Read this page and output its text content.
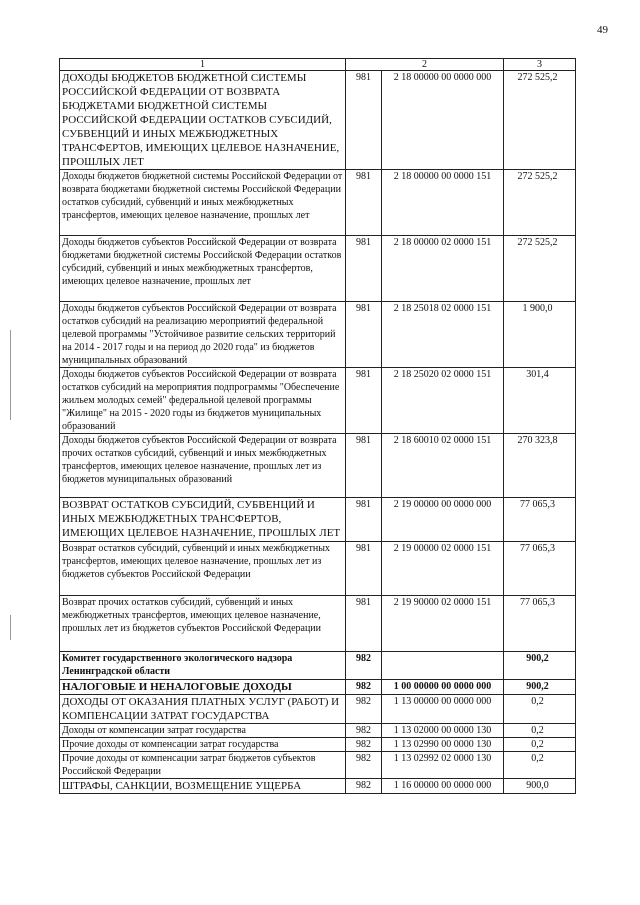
49
1	2		3
ДОХОДЫ БЮДЖЕТОВ БЮДЖЕТНОЙ СИСТЕМЫ РОССИЙСКОЙ ФЕДЕРАЦИИ ОТ ВОЗВРАТА БЮДЖЕТАМИ БЮДЖЕТНОЙ СИСТЕМЫ РОССИЙСКОЙ ФЕДЕРАЦИИ ОСТАТКОВ СУБСИДИЙ, СУБВЕНЦИЙ И ИНЫХ МЕЖБЮДЖЕТНЫХ ТРАНСФЕРТОВ, ИМЕЮЩИХ ЦЕЛЕВОЕ НАЗНАЧЕНИЕ, ПРОШЛЫХ ЛЕТ	981	2 18 00000 00 0000 000	272 525,2
Доходы бюджетов бюджетной системы Российской Федерации от возврата бюджетами бюджетной системы Российской Федерации остатков субсидий, субвенций и иных межбюджетных трансфертов, имеющих целевое назначение, прошлых лет	981	2 18 00000 00 0000 151	272 525,2
Доходы бюджетов субъектов Российской Федерации от возврата бюджетами бюджетной системы Российской Федерации остатков субсидий, субвенций и иных межбюджетных трансфертов, имеющих целевое назначение, прошлых лет	981	2 18 00000 02 0000 151	272 525,2
Доходы бюджетов субъектов Российской Федерации от возврата остатков субсидий на реализацию мероприятий федеральной целевой программы "Устойчивое развитие сельских территорий на 2014 - 2017 годы и на период до 2020 года" из бюджетов муниципальных образований	981	2 18 25018 02 0000 151	1 900,0
Доходы бюджетов субъектов Российской Федерации от возврата остатков субсидий на мероприятия подпрограммы "Обеспечение жильем молодых семей" федеральной целевой программы "Жилище" на 2015 - 2020 годы из бюджетов муниципальных образований	981	2 18 25020 02 0000 151	301,4
Доходы бюджетов субъектов Российской Федерации от возврата прочих остатков субсидий, субвенций и иных межбюджетных трансфертов, имеющих целевое назначение, прошлых лет из бюджетов муниципальных образований	981	2 18 60010 02 0000 151	270 323,8
ВОЗВРАТ ОСТАТКОВ СУБСИДИЙ, СУБВЕНЦИЙ И ИНЫХ МЕЖБЮДЖЕТНЫХ ТРАНСФЕРТОВ, ИМЕЮЩИХ ЦЕЛЕВОЕ НАЗНАЧЕНИЕ, ПРОШЛЫХ ЛЕТ	981	2 19 00000 00 0000 000	77 065,3
Возврат остатков субсидий, субвенций и иных межбюджетных трансфертов, имеющих целевое назначение, прошлых лет из бюджетов субъектов Российской Федерации	981	2 19 00000 02 0000 151	77 065,3
Возврат прочих остатков субсидий, субвенций и иных межбюджетных трансфертов, имеющих целевое назначение, прошлых лет из бюджетов субъектов Российской Федерации	981	2 19 90000 02 0000 151	77 065,3
Комитет государственного экологического надзора Ленинградской области	982		900,2
НАЛОГОВЫЕ И НЕНАЛОГОВЫЕ ДОХОДЫ	982	1 00 00000 00 0000 000	900,2
ДОХОДЫ ОТ ОКАЗАНИЯ ПЛАТНЫХ УСЛУГ (РАБОТ) И КОМПЕНСАЦИИ ЗАТРАТ ГОСУДАРСТВА	982	1 13 00000 00 0000 000	0,2
Доходы от компенсации затрат государства	982	1 13 02000 00 0000 130	0,2
Прочие доходы от компенсации затрат государства	982	1 13 02990 00 0000 130	0,2
Прочие доходы от компенсации затрат бюджетов субъектов Российской Федерации	982	1 13 02992 02 0000 130	0,2
ШТРАФЫ, САНКЦИИ, ВОЗМЕЩЕНИЕ УЩЕРБА	982	1 16 00000 00 0000 000	900,0
